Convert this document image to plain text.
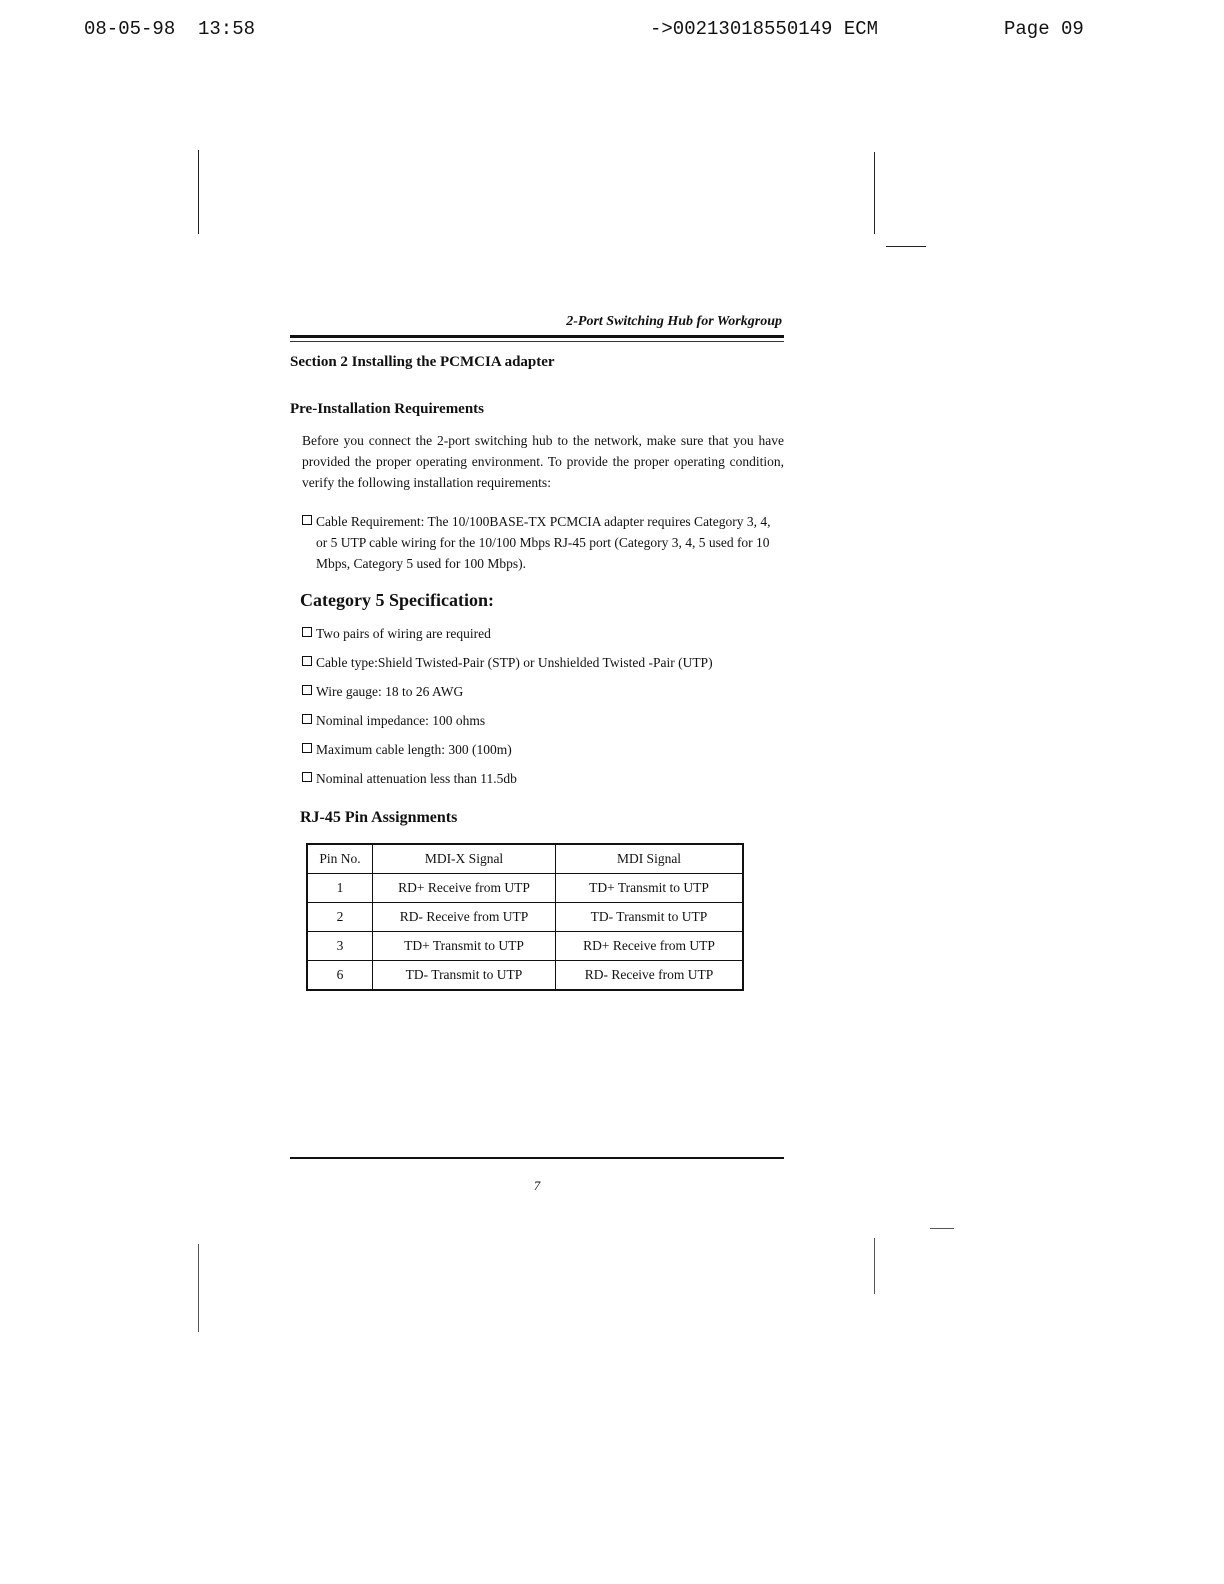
08-05-98 13:58	->00213018550149 ECM	Page 09
2-Port Switching Hub for Workgroup
Section 2 Installing the PCMCIA adapter
Pre-Installation Requirements
Before you connect the 2-port switching hub to the network, make sure that you have provided the proper operating environment. To provide the proper operating condition, verify the following installation requirements:
Cable Requirement: The 10/100BASE-TX PCMCIA adapter requires Category 3, 4, or 5 UTP cable wiring for the 10/100 Mbps RJ-45 port (Category 3, 4, 5 used for 10 Mbps, Category 5 used for 100 Mbps).
Category 5 Specification:
Two pairs of wiring are required
Cable type:Shield Twisted-Pair (STP) or Unshielded Twisted -Pair (UTP)
Wire gauge: 18 to 26 AWG
Nominal impedance: 100 ohms
Maximum cable length: 300 (100m)
Nominal attenuation less than 11.5db
RJ-45 Pin Assignments
Pin No.	MDI-X Signal	MDI Signal
1	RD+ Receive from UTP	TD+ Transmit to UTP
2	RD- Receive from UTP	TD- Transmit to UTP
3	TD+ Transmit to UTP	RD+ Receive from UTP
6	TD- Transmit to UTP	RD- Receive from UTP
7
